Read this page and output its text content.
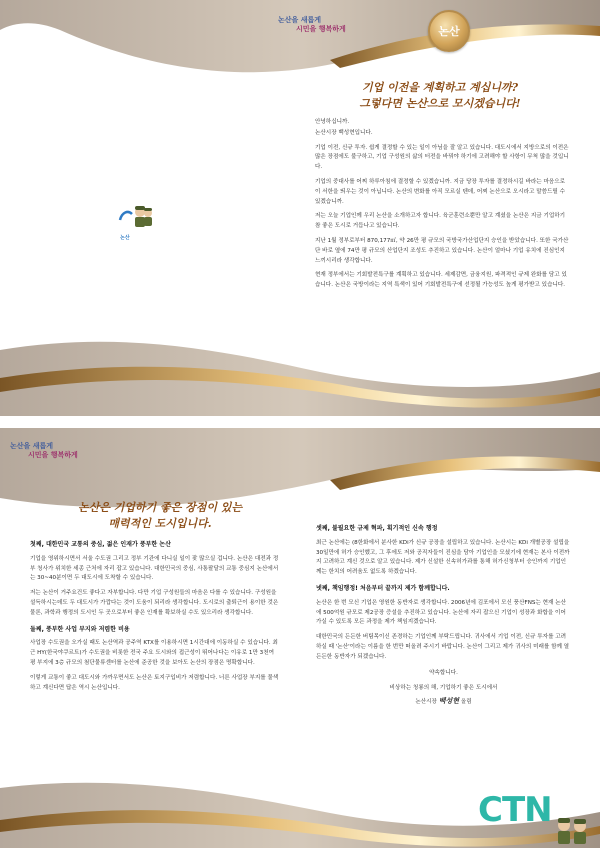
논산을 새롭게
시민을 행복하게	논산
기업 이전을 계획하고 계십니까?
그렇다면 논산으로 모시겠습니다!
논산

안녕하십니까.

논산시장 백성현입니다.

기업 이전, 신규 투자. 쉽게 결정할 수 있는 일이 아님을 잘 알고 있습니다. 대도시에서 지방으로의 이전은 많은 장점에도 불구하고, 기업 구성원의 삶의 터전을 바꿔야 하기에 고려해야 할 사항이 무척 많을 것입니다.

기업의 중대사를 어찌 하루아침에 결정할 수 있겠습니까. 지금 당장 투자를 결정하시길 바라는 마음으로 이 서한을 띄우는 것이 아닙니다. 논산의 변화를 아직 모르실 텐데, 어찌 논산으로 오시라고 말씀드릴 수 있겠습니까.

저는 오늘 기업인께 우리 논산을 소개하고자 합니다. 육군훈련소뿐만 알고 계셨을 논산은 지금 기업하기 참 좋은 도시로 거듭나고 있습니다.

지난 1월 정부로부터 870,177㎡, 약 26만 평 규모의 국방국가산업단지 승인을 받았습니다. 또한 국가산단 바로 옆에 74만 평 규모의 산업단지 조성도 추진하고 있습니다. 논산이 얼마나 기업 유치에 진심인지 느끼시리라 생각합니다.

현재 정부에서는 기회발전특구를 계획하고 있습니다. 세제감면, 금융지원, 파격적인 규제 완화를 담고 있습니다. 논산은 국방이라는 지역 특색이 있어 기회발전특구에 선정될 가능성도 높게 평가받고 있습니다.

논산을 새롭게
시민을 행복하게
논산은 기업하기 좋은 장점이 있는
매력적인 도시입니다.
첫째, 대한민국 교통의 중심, 젊은 인재가 풍부한 논산

기업을 영위하시면서 서울 수도권 그리고 정부 기관에 다니실 일이 잦 많으실 겁니다. 논산은 대전과 정부 청사가 위치한 세종 근처에 자리 잡고 있습니다. 대한민국의 중심, 사통팔달의 교통 중심지 논산에서는 30~40분이면 두 대도시에 도착할 수 있습니다.

저는 논산이 거주요건도 좋다고 자부합니다. 다만 기업 구성원들의 마음은 다를 수 있습니다. 구성원을 설득하시는데도 두 대도시가 가깝다는 것이 도움이 되리라 생각합니다. 도시로의 출퇴근이 용이한 것은 물론, 과학과 행정의 도시인 두 곳으로부터 좋은 인재를 확보하실 수도 있으리라 생각합니다.

둘째, 풍부한 사업 부지와 저렴한 비용

사업장 수도권을 오가실 때도 논산역과 공주역 KTX를 이용하시면 1시간대에 이동하실 수 있습니다. 최근 HY(한국야쿠르트)가 수도권을 비롯한 전국 주요 도시와의 접근성이 뛰어나다는 이유로 1만 3천여 평 부지에 3층 규모의 첨단물류센터를 논산에 준공한 것을 보아도 논산의 장점은 명확합니다.

이렇게 교통이 좋고 대도시와 가까우면서도 논산은 토지구입비가 저렴합니다. 너른 사업장 부지를 물색하고 계신다면 답은 역시 논산입니다.

셋째, 불필요한 규제 혁파, 획기적인 신속 행정

최근 논산에는 (8한화에서 분사한 KDi가 신규 공장을 설립하고 있습니다. 논산시는 KDi 개별공장 설립을 30일만에 허가 승인했고, 그 후에도 저와 공직자들이 진심을 담아 기업인을 모셨기에 현재는 본사 이전까지 고려하고 계신 것으로 알고 있습니다. 제가 신설한 신속허가과를 통해 허가신청부터 승인까지 기업인께는 한치의 어려움도 없도록 하겠습니다.

넷째, 책임행정! 처음부터 끝까지 제가 함께합니다.

논산은 한 번 모신 기업은 영원한 동반자로 생각합니다. 2006년에 김포에서 모신 풍산FNS는 현재 논산에 500억원 규모로 제2공장 증설을 추진하고 있습니다. 논산에 자리 잡으신 기업이 성장과 화합을 이어가실 수 있도록 모든 과정을 제가 책임지겠습니다.

대한민국의 든든한 버팀목이신 존경하는 기업인께 부탁드립니다. 귀사에서 기업 이전, 신규 투자를 고려하실 때 '논산'이라는 이름을 한 번만 떠올려 주시기 바랍니다. 논산이 그리고 제가 귀사의 미래를 함께 열 든든한 동반자가 되겠습니다.

약속합니다.

비상하는 청룡의 해, 기업하기 좋은 도시에서

논산시장 백성현 올림
CTN
